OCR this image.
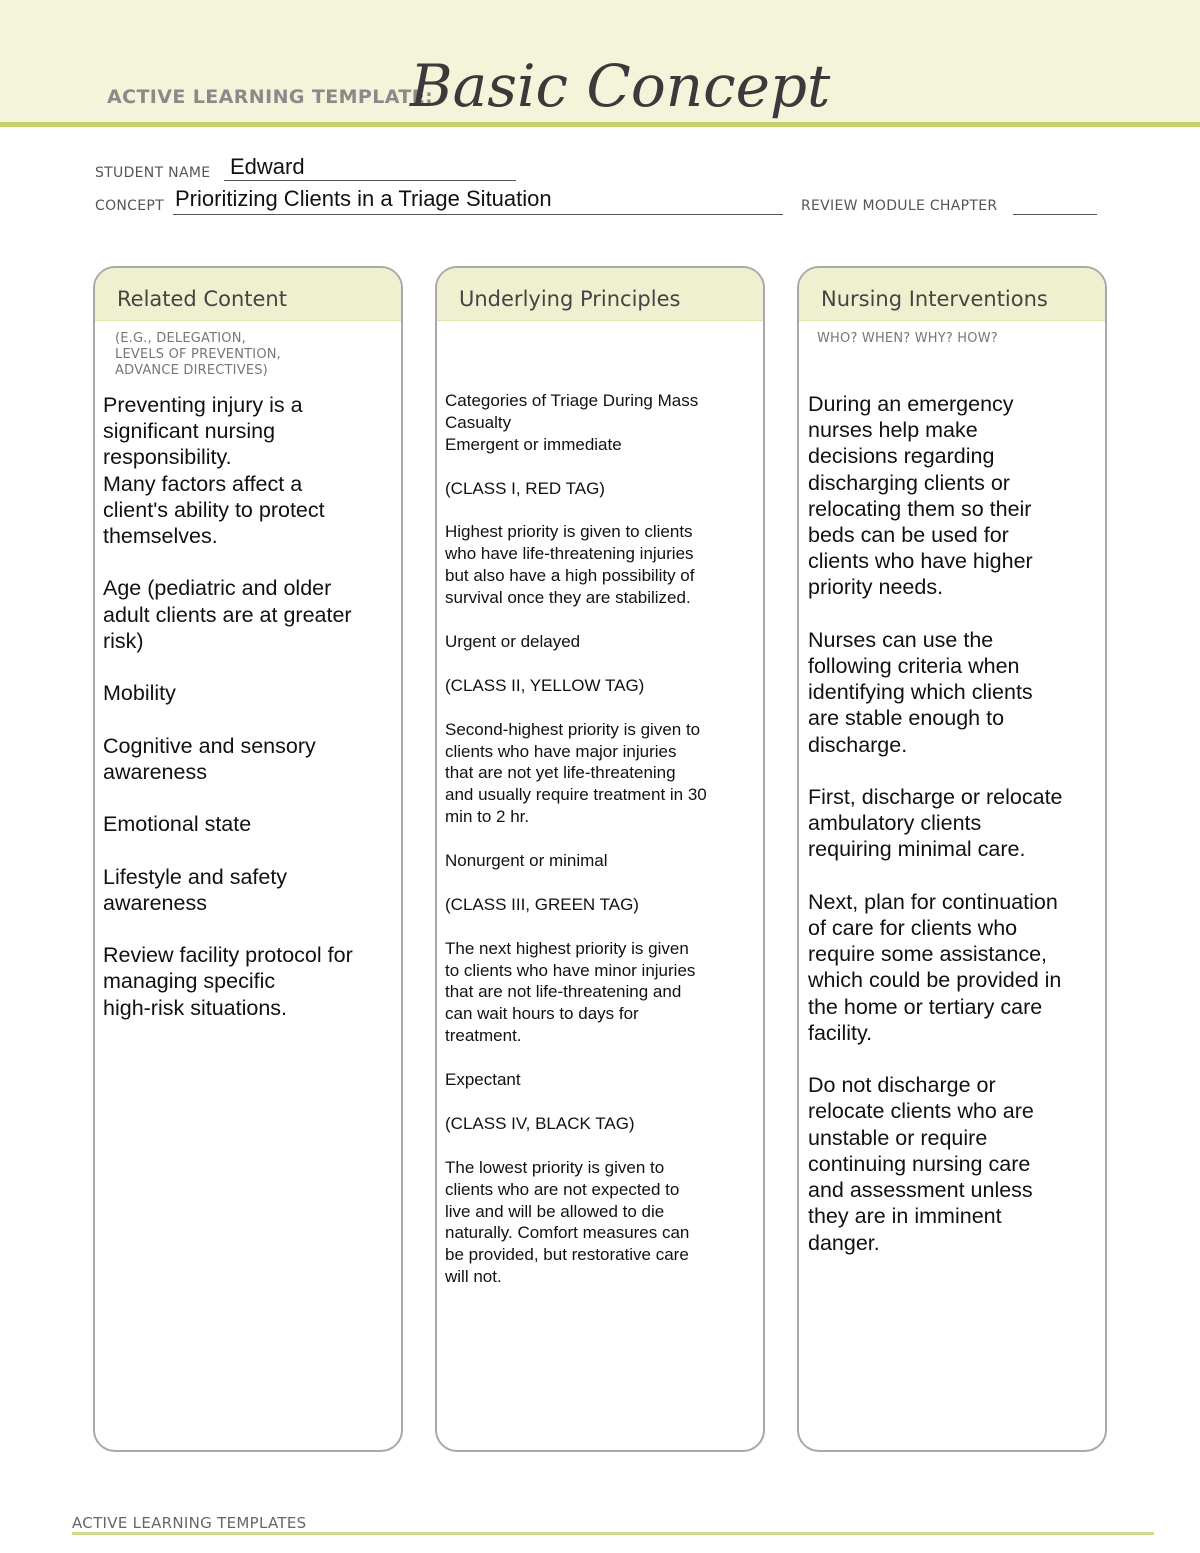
ACTIVE LEARNING TEMPLATE:
Basic Concept
STUDENT NAME Edward
CONCEPT Prioritizing Clients in a Triage Situation	REVIEW MODULE CHAPTER
Related Content
(E.G., DELEGATION,
LEVELS OF PREVENTION,
ADVANCE DIRECTIVES)
Preventing injury is a
significant nursing
responsibility.
Many factors affect a
client's ability to protect
themselves.

Age (pediatric and older
adult clients are at greater
risk)

Mobility

Cognitive and sensory
awareness

Emotional state

Lifestyle and safety
awareness

Review facility protocol for
managing specific
high-risk situations.
Underlying Principles
Categories of Triage During Mass
Casualty
Emergent or immediate

(CLASS I, RED TAG)

Highest priority is given to clients
who have life-threatening injuries
but also have a high possibility of
survival once they are stabilized.

Urgent or delayed

(CLASS II, YELLOW TAG)

Second-highest priority is given to
clients who have major injuries
that are not yet life-threatening
and usually require treatment in 30
min to 2 hr.

Nonurgent or minimal

(CLASS III, GREEN TAG)

The next highest priority is given
to clients who have minor injuries
that are not life-threatening and
can wait hours to days for
treatment.

Expectant

(CLASS IV, BLACK TAG)

The lowest priority is given to
clients who are not expected to
live and will be allowed to die
naturally. Comfort measures can
be provided, but restorative care
will not.
Nursing Interventions
WHO? WHEN? WHY? HOW?
During an emergency
nurses help make
decisions regarding
discharging clients or
relocating them so their
beds can be used for
clients who have higher
priority needs.

Nurses can use the
following criteria when
identifying which clients
are stable enough to
discharge.

First, discharge or relocate
ambulatory clients
requiring minimal care.

Next, plan for continuation
of care for clients who
require some assistance,
which could be provided in
the home or tertiary care
facility.

Do not discharge or
relocate clients who are
unstable or require
continuing nursing care
and assessment unless
they are in imminent
danger.
ACTIVE LEARNING TEMPLATES
